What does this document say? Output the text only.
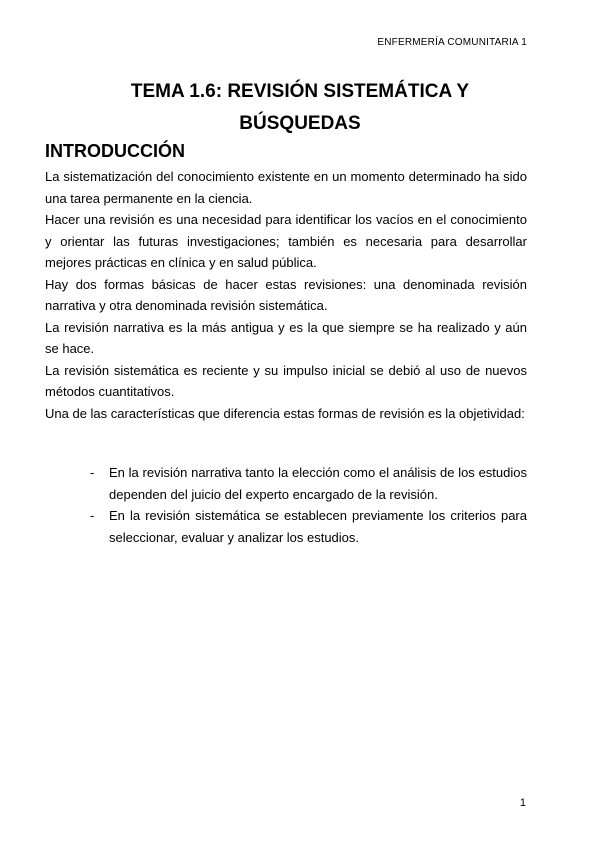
ENFERMERÍA COMUNITARIA 1
TEMA 1.6: REVISIÓN SISTEMÁTICA Y
BÚSQUEDAS
INTRODUCCIÓN

La sistematización del conocimiento existente en un momento determinado ha sido una tarea permanente en la ciencia.

Hacer una revisión es una necesidad para identificar los vacíos en el conocimiento y orientar las futuras investigaciones; también es necesaria para desarrollar mejores prácticas en clínica y en salud pública.

Hay dos formas básicas de hacer estas revisiones: una denominada revisión narrativa y otra denominada revisión sistemática.

La revisión narrativa es la más antigua y es la que siempre se ha realizado y aún se hace.

La revisión sistemática es reciente y su impulso inicial se debió al uso de nuevos métodos cuantitativos.

Una de las características que diferencia estas formas de revisión es la objetividad:

-	En la revisión narrativa tanto la elección como el análisis de los estudios dependen del juicio del experto encargado de la revisión.
-	En la revisión sistemática se establecen previamente los criterios para seleccionar, evaluar y analizar los estudios.
1
